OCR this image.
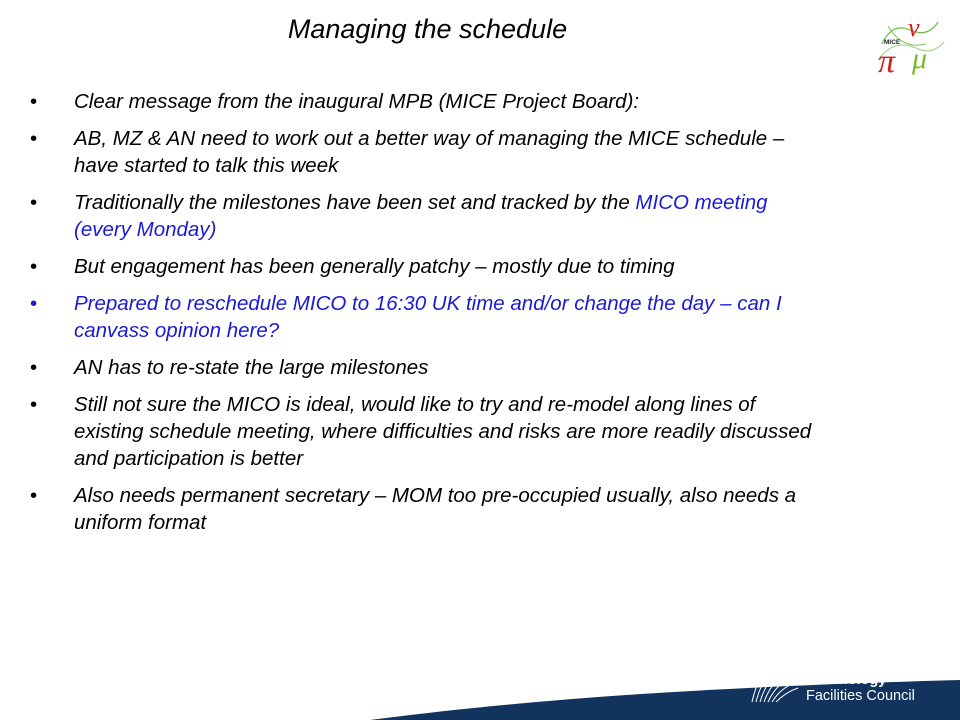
Managing the schedule	MICE
ν
π μ
• Clear message from the inaugural MPB (MICE Project Board):
• AB, MZ & AN need to work out a better way of managing the MICE schedule – have started to talk this week
• Traditionally the milestones have been set and tracked by the MICO meeting (every Monday)
• But engagement has been generally patchy – mostly due to timing
• Prepared to reschedule MICO to 16:30 UK time and/or change the day – can I canvass opinion here?
• AN has to re-state the large milestones
• Still not sure the MICO is ideal, would like to try and re-model along lines of existing schedule meeting, where difficulties and risks are more readily discussed and participation is better
• Also needs permanent secretary – MOM too pre-occupied usually, also needs a uniform format
Science & Technology
Facilities Council
